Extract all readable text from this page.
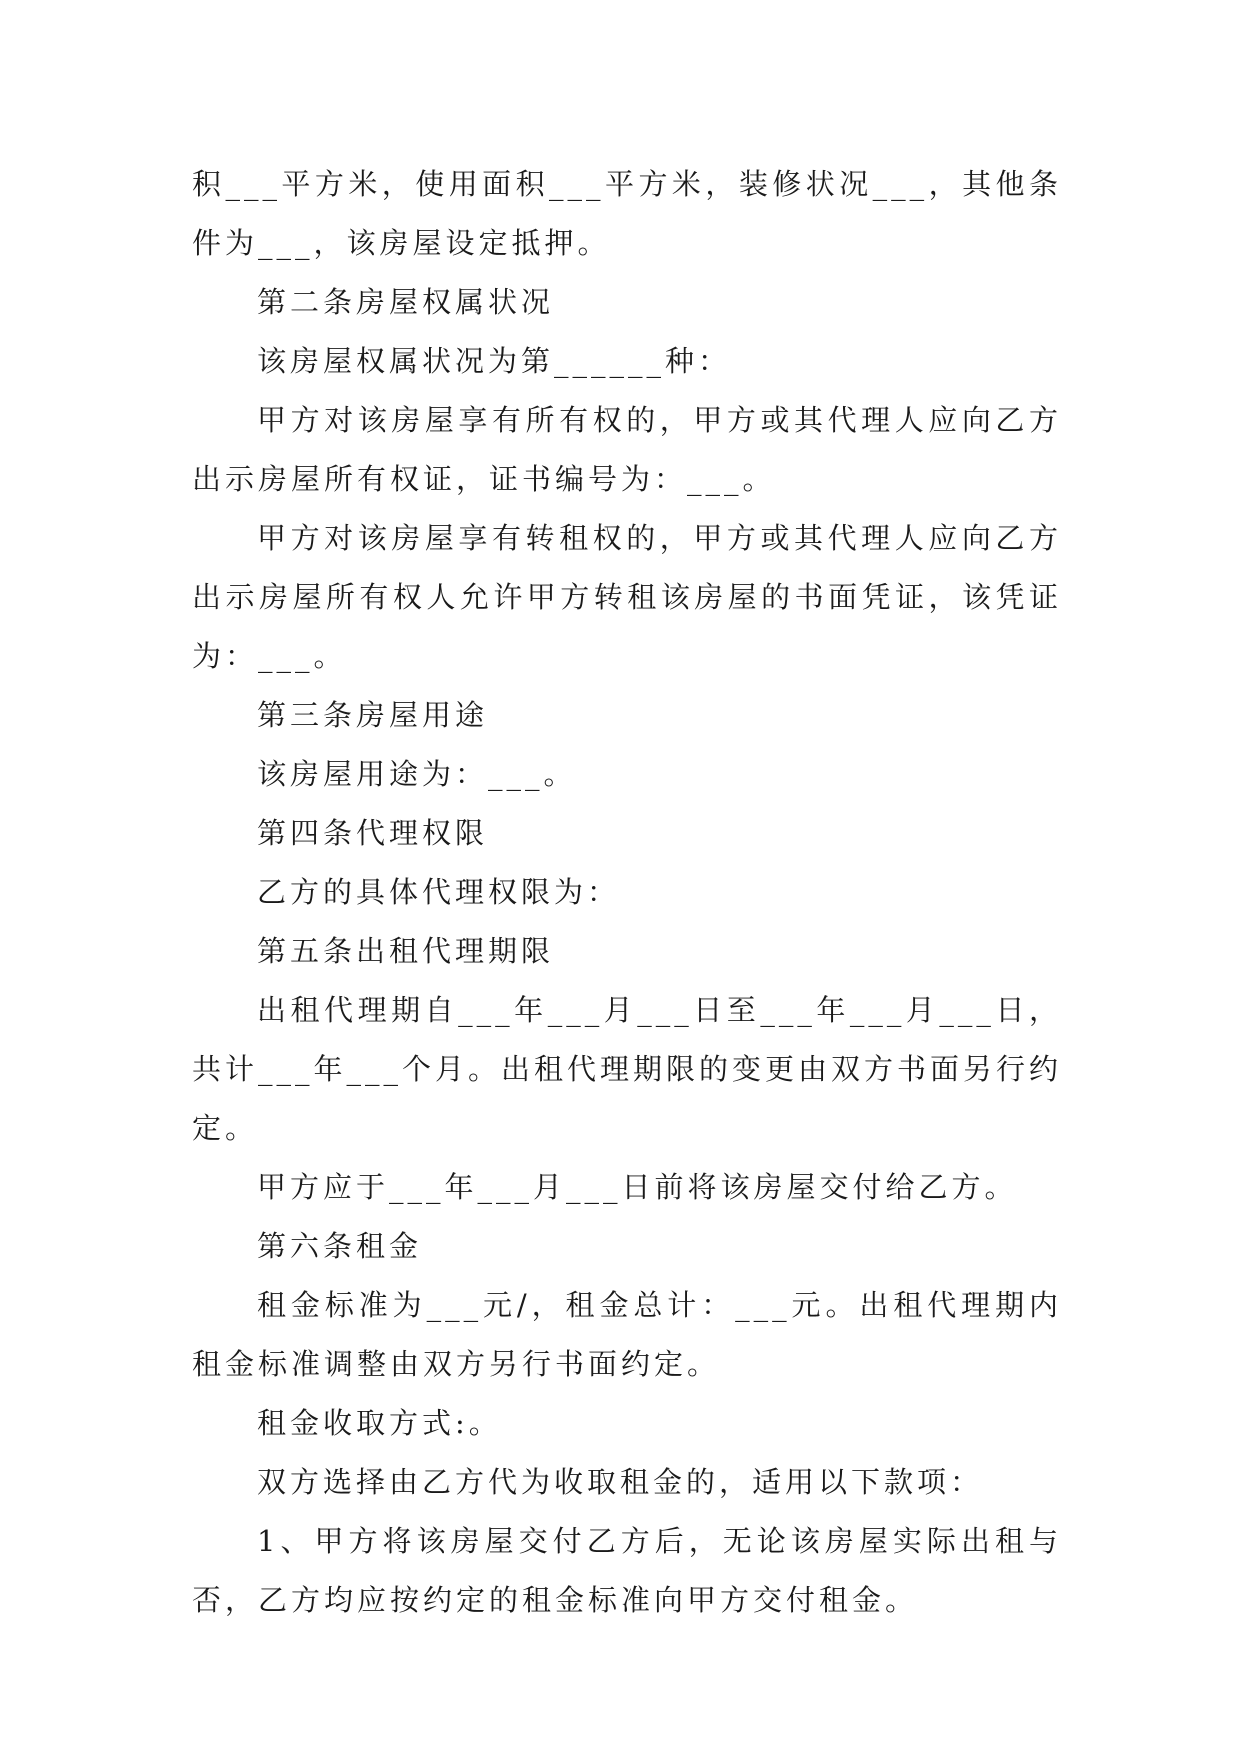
积___平方米，使用面积___平方米，装修状况___，其他条件为___，该房屋设定抵押。

第二条房屋权属状况

该房屋权属状况为第______种：

甲方对该房屋享有所有权的，甲方或其代理人应向乙方出示房屋所有权证，证书编号为：___。

甲方对该房屋享有转租权的，甲方或其代理人应向乙方出示房屋所有权人允许甲方转租该房屋的书面凭证，该凭证为：___。

第三条房屋用途

该房屋用途为：___。

第四条代理权限

乙方的具体代理权限为：

第五条出租代理期限

出租代理期自___年___月___日至___年___月___日，共计___年___个月。出租代理期限的变更由双方书面另行约定。

甲方应于___年___月___日前将该房屋交付给乙方。

第六条租金

租金标准为___元/，租金总计：___元。出租代理期内租金标准调整由双方另行书面约定。

租金收取方式:。

双方选择由乙方代为收取租金的，适用以下款项：

1、甲方将该房屋交付乙方后，无论该房屋实际出租与否，乙方均应按约定的租金标准向甲方交付租金。
